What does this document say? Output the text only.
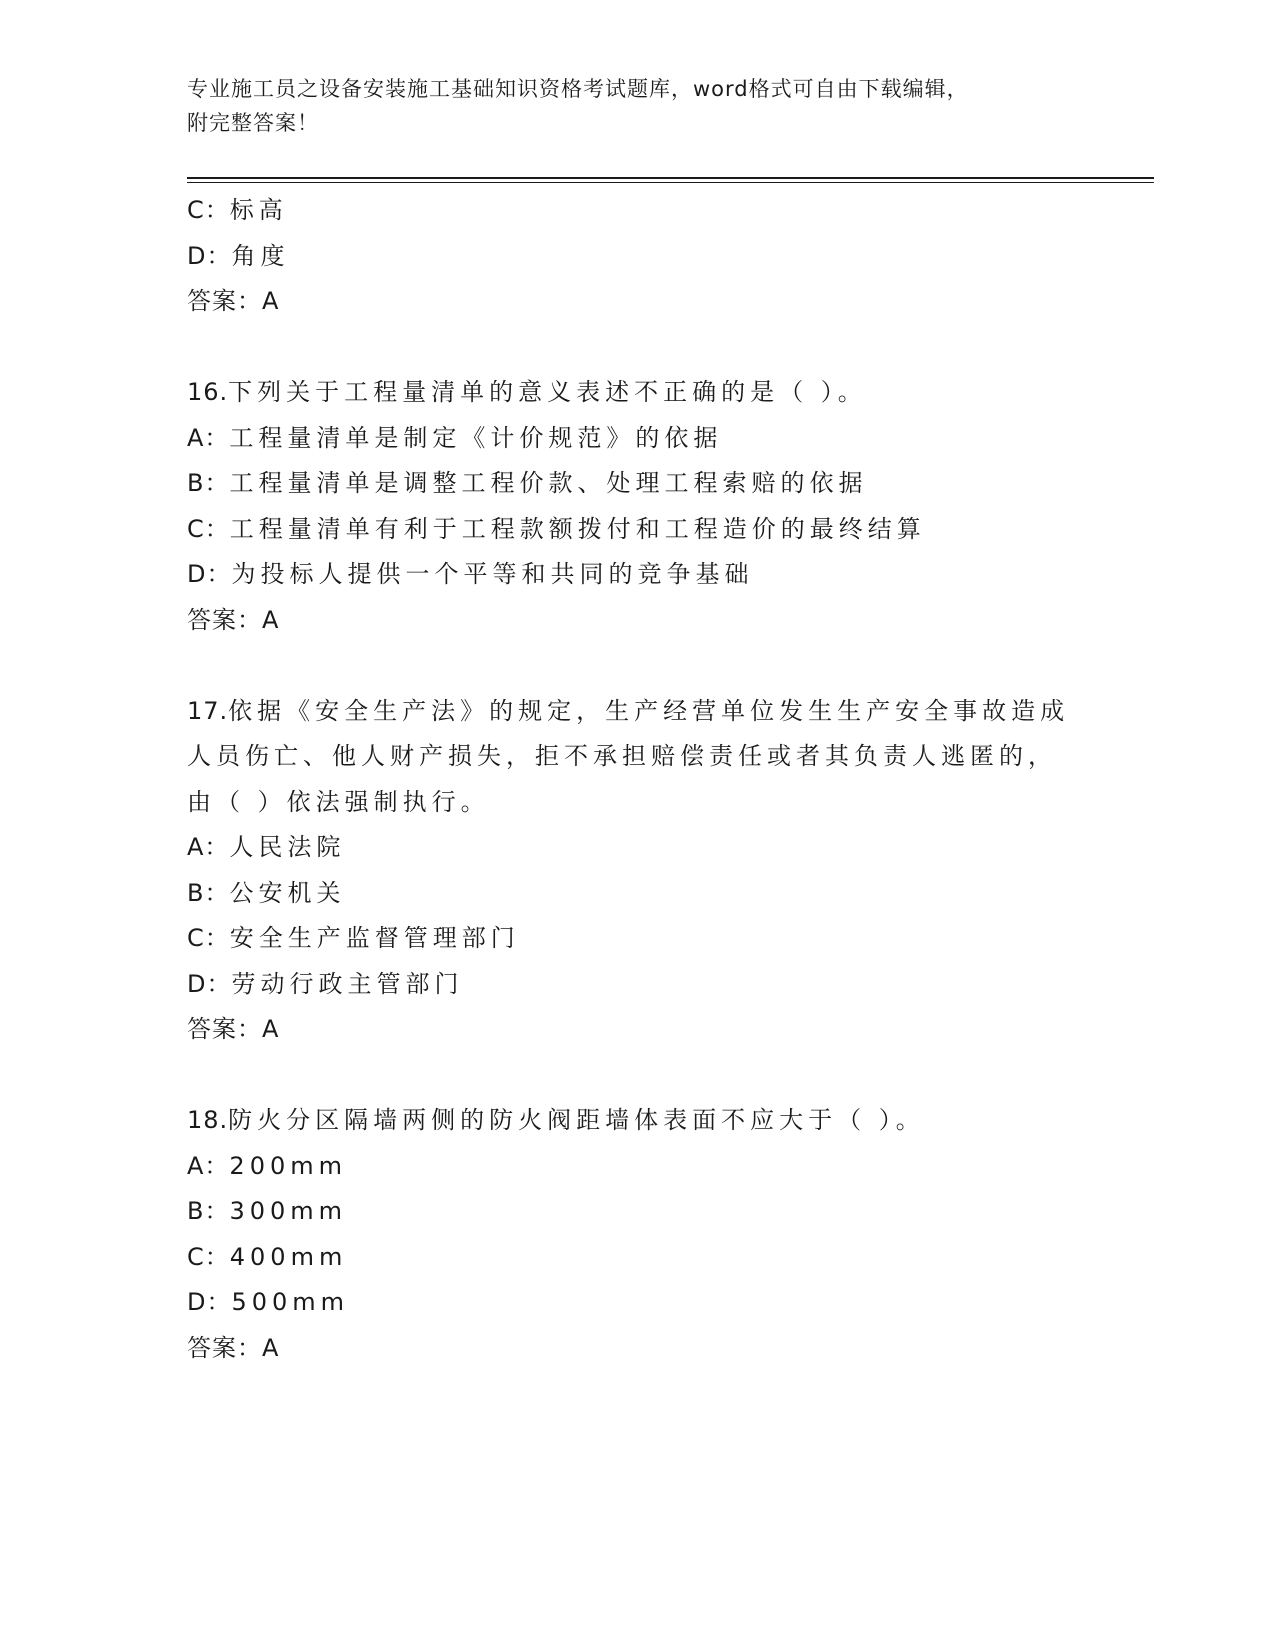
专业施工员之设备安装施工基础知识资格考试题库，word格式可自由下载编辑，
附完整答案！
C：标高
D：角度
答案：A
16.下列关于工程量清单的意义表述不正确的是（ ）。
A：工程量清单是制定《计价规范》的依据
B：工程量清单是调整工程价款、处理工程索赔的依据
C：工程量清单有利于工程款额拨付和工程造价的最终结算
D：为投标人提供一个平等和共同的竞争基础
答案：A
17.依据《安全生产法》的规定，生产经营单位发生生产安全事故造成
人员伤亡、他人财产损失，拒不承担赔偿责任或者其负责人逃匿的，
由（ ）依法强制执行。
A：人民法院
B：公安机关
C：安全生产监督管理部门
D：劳动行政主管部门
答案：A
18.防火分区隔墙两侧的防火阀距墙体表面不应大于（ ）。
A：200mm
B：300mm
C：400mm
D：500mm
答案：A
